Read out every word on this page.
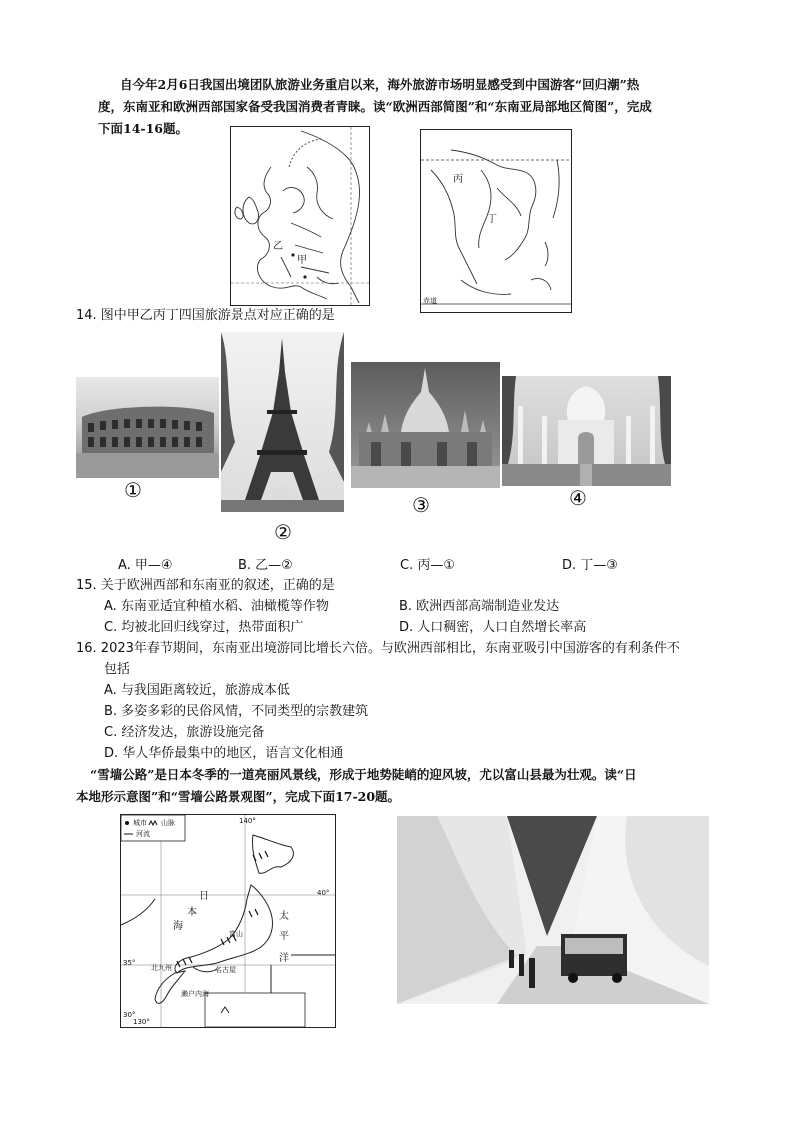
自今年2月6日我国出境团队旅游业务重启以来，海外旅游市场明显感受到中国游客“回归潮”热
度，东南亚和欧洲西部国家备受我国消费者青睐。读“欧洲西部简图”和“东南亚局部地区简图”，完成
下面14-16题。
乙
甲
丙
丁
赤道
14. 图中甲乙丙丁四国旅游景点对应正确的是
①
②
③	④
A. 甲—④	B. 乙—②	C. 丙—①	D. 丁—③
15. 关于欧洲西部和东南亚的叙述，正确的是
A. 东南亚适宜种植水稻、油橄榄等作物	B. 欧洲西部高端制造业发达
C. 均被北回归线穿过，热带面积广	D. 人口稠密，人口自然增长率高
16. 2023年春节期间，东南亚出境游同比增长六倍。与欧洲西部相比，东南亚吸引中国游客的有利条件不
包括
A. 与我国距离较近，旅游成本低
B. 多姿多彩的民俗风情，不同类型的宗教建筑
C. 经济发达，旅游设施完备
D. 华人华侨最集中的地区，语言文化相通
“雪墙公路”是日本冬季的一道亮丽风景线，形成于地势陡峭的迎风坡，尤以富山县最为壮观。读“日
本地形示意图”和“雪墙公路景观图”，完成下面17-20题。
城市 山脉
河流
日
本
海
太
平
洋
富山
北九州	名古屋
濑户内海
40°
35°
30°
130°
140°
